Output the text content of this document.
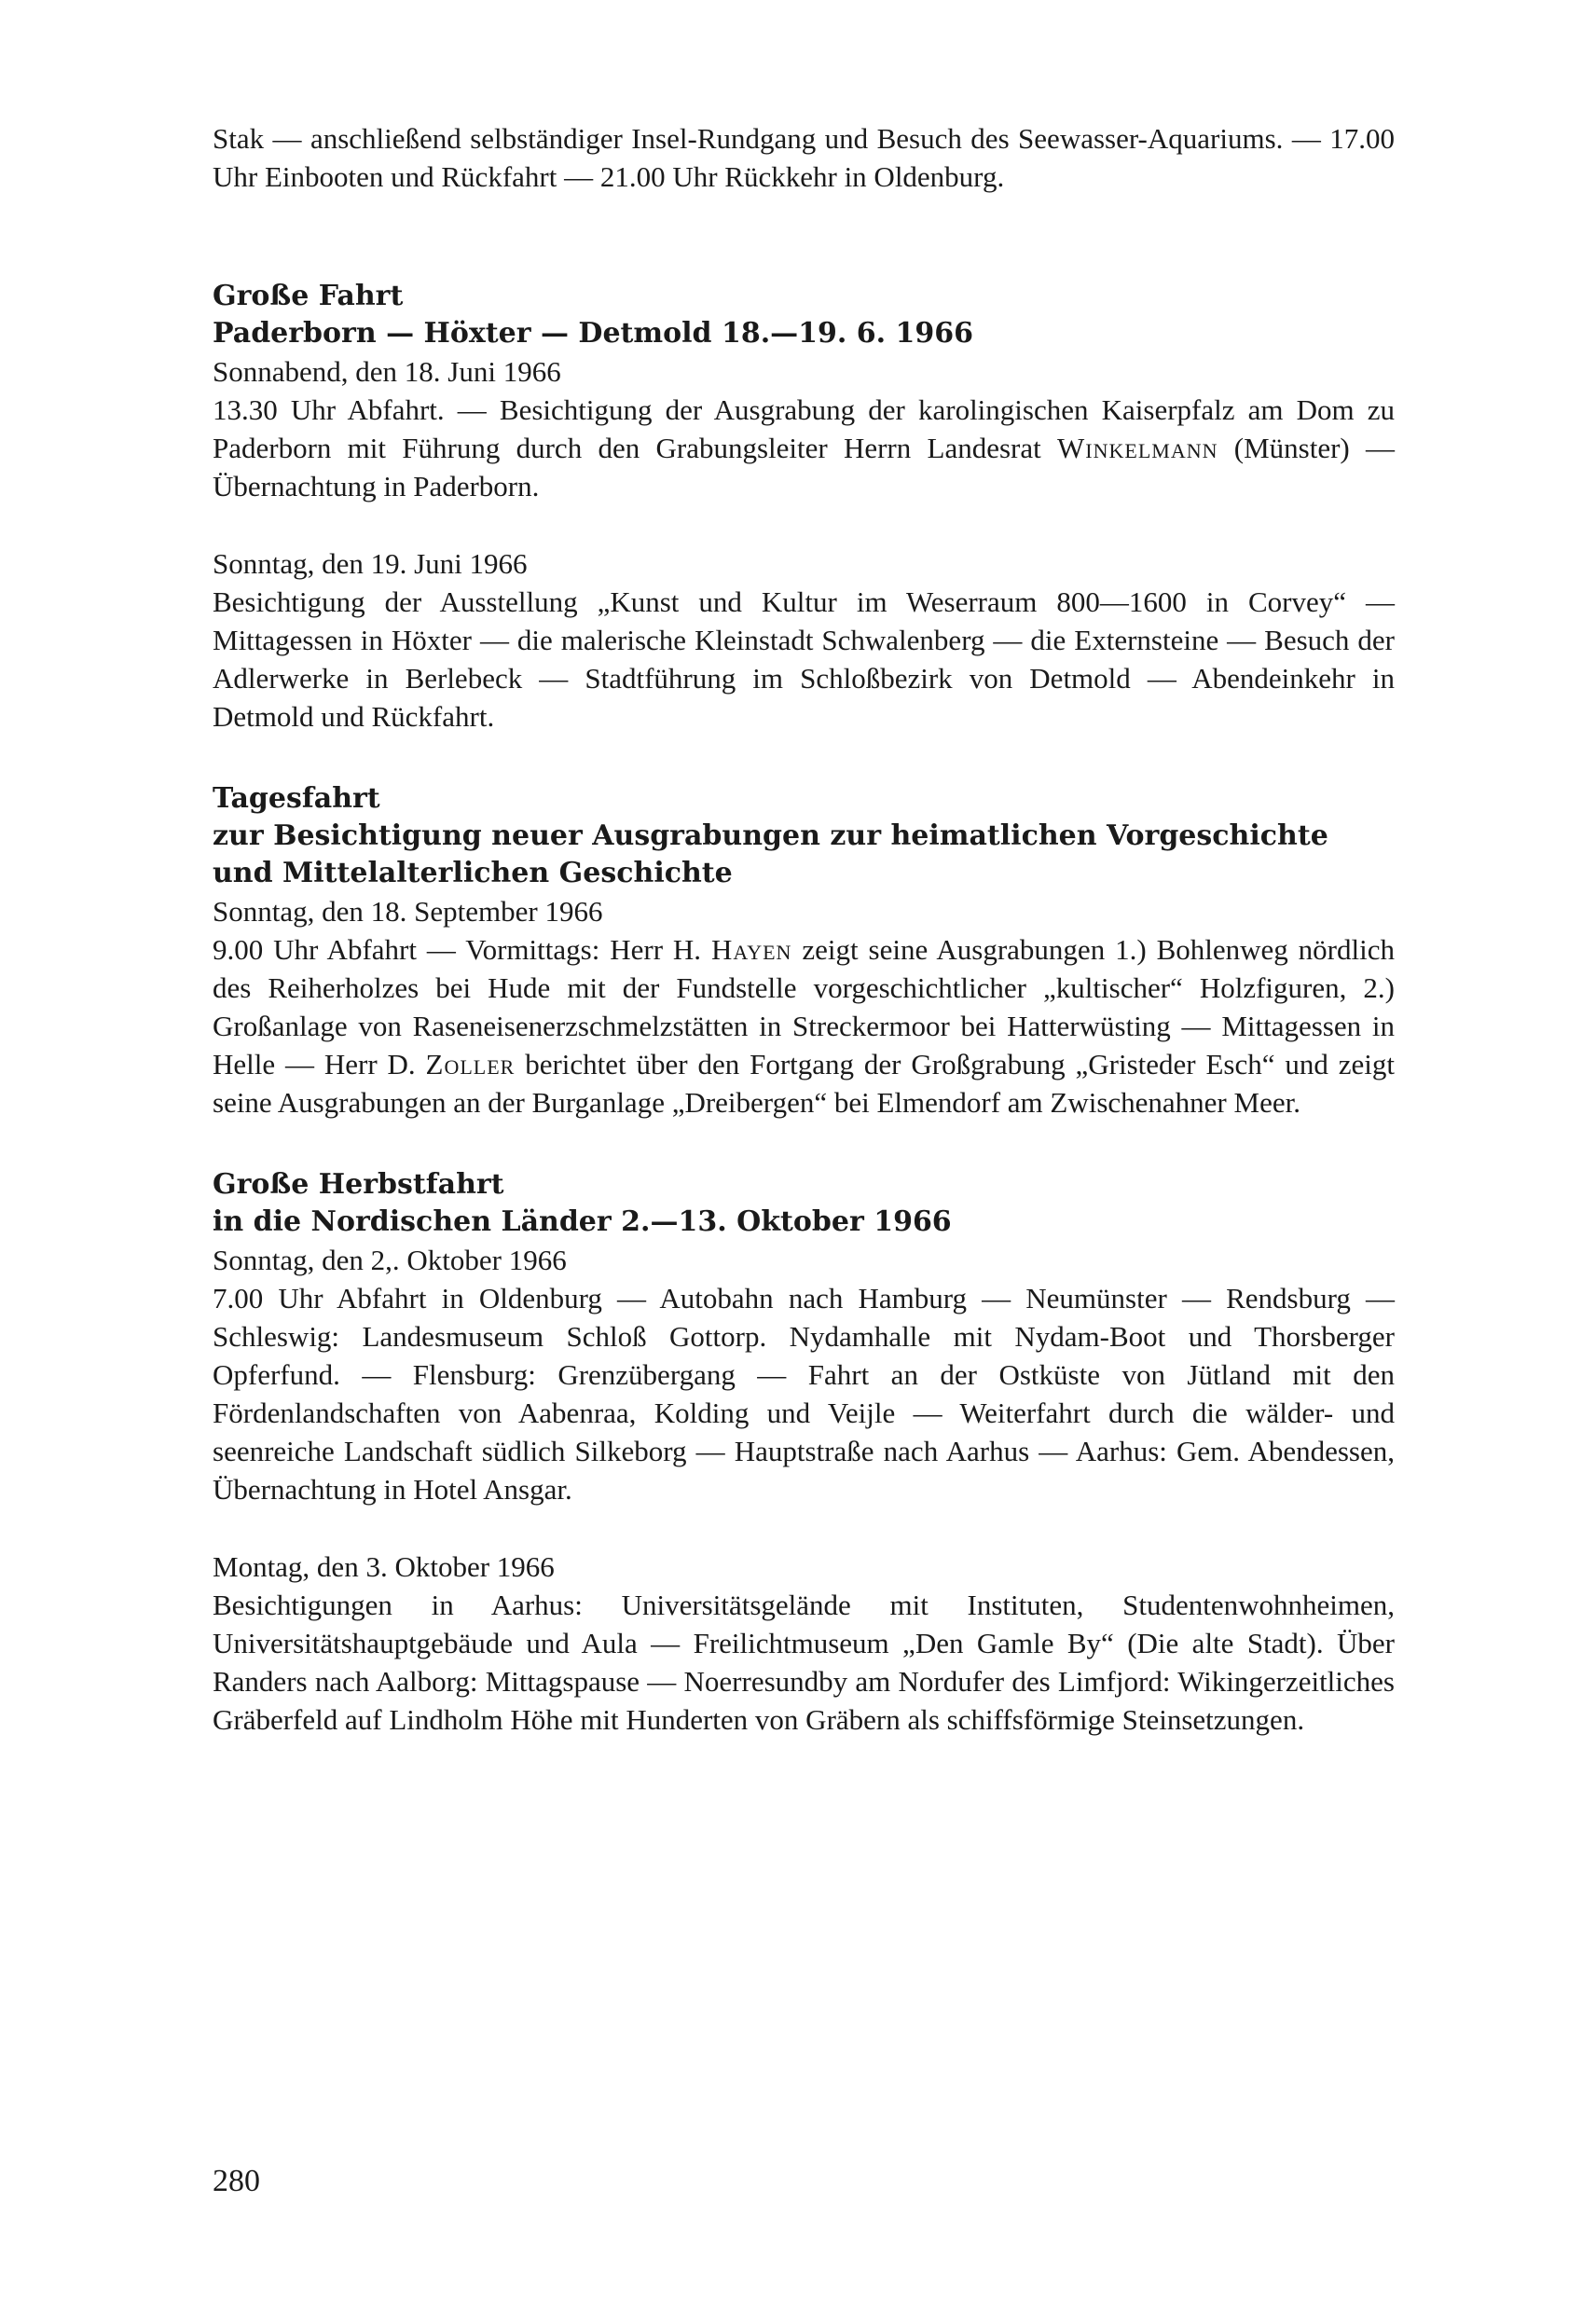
Stak — anschließend selbständiger Insel-Rundgang und Besuch des Seewasser-Aquariums. — 17.00 Uhr Einbooten und Rückfahrt — 21.00 Uhr Rückkehr in Oldenburg.

Große Fahrt
Paderborn — Höxter — Detmold 18.—19. 6. 1966

Sonnabend, den 18. Juni 1966

13.30 Uhr Abfahrt. — Besichtigung der Ausgrabung der karolingischen Kaiserpfalz am Dom zu Paderborn mit Führung durch den Grabungsleiter Herrn Landesrat Winkelmann (Münster) — Übernachtung in Paderborn.

Sonntag, den 19. Juni 1966

Besichtigung der Ausstellung „Kunst und Kultur im Weserraum 800—1600 in Corvey“ — Mittagessen in Höxter — die malerische Kleinstadt Schwalenberg — die Externsteine — Besuch der Adlerwerke in Berlebeck — Stadtführung im Schloßbezirk von Detmold — Abendeinkehr in Detmold und Rückfahrt.

Tagesfahrt
zur Besichtigung neuer Ausgrabungen zur heimatlichen Vorgeschichte und Mittelalterlichen Geschichte

Sonntag, den 18. September 1966

9.00 Uhr Abfahrt — Vormittags: Herr H. Hayen zeigt seine Ausgrabungen 1.) Bohlenweg nördlich des Reiherholzes bei Hude mit der Fundstelle vorgeschichtlicher „kultischer“ Holzfiguren, 2.) Großanlage von Raseneisenerzschmelzstätten in Streckermoor bei Hatterwüsting — Mittagessen in Helle — Herr D. Zoller berichtet über den Fortgang der Großgrabung „Gristeder Esch“ und zeigt seine Ausgrabungen an der Burganlage „Dreibergen“ bei Elmendorf am Zwischenahner Meer.

Große Herbstfahrt
in die Nordischen Länder 2.—13. Oktober 1966

Sonntag, den 2,. Oktober 1966

7.00 Uhr Abfahrt in Oldenburg — Autobahn nach Hamburg — Neumünster — Rendsburg — Schleswig: Landesmuseum Schloß Gottorp. Nydamhalle mit Nydam-Boot und Thorsberger Opferfund. — Flensburg: Grenzübergang — Fahrt an der Ostküste von Jütland mit den Fördenlandschaften von Aabenraa, Kolding und Veijle — Weiterfahrt durch die wälder- und seenreiche Landschaft südlich Silkeborg — Hauptstraße nach Aarhus — Aarhus: Gem. Abendessen, Übernachtung in Hotel Ansgar.

Montag, den 3. Oktober 1966

Besichtigungen in Aarhus: Universitätsgelände mit Instituten, Studentenwohnheimen, Universitätshauptgebäude und Aula — Freilichtmuseum „Den Gamle By“ (Die alte Stadt). Über Randers nach Aalborg: Mittagspause — Noerresundby am Nordufer des Limfjord: Wikingerzeitliches Gräberfeld auf Lindholm Höhe mit Hunderten von Gräbern als schiffsförmige Steinsetzungen.

280
